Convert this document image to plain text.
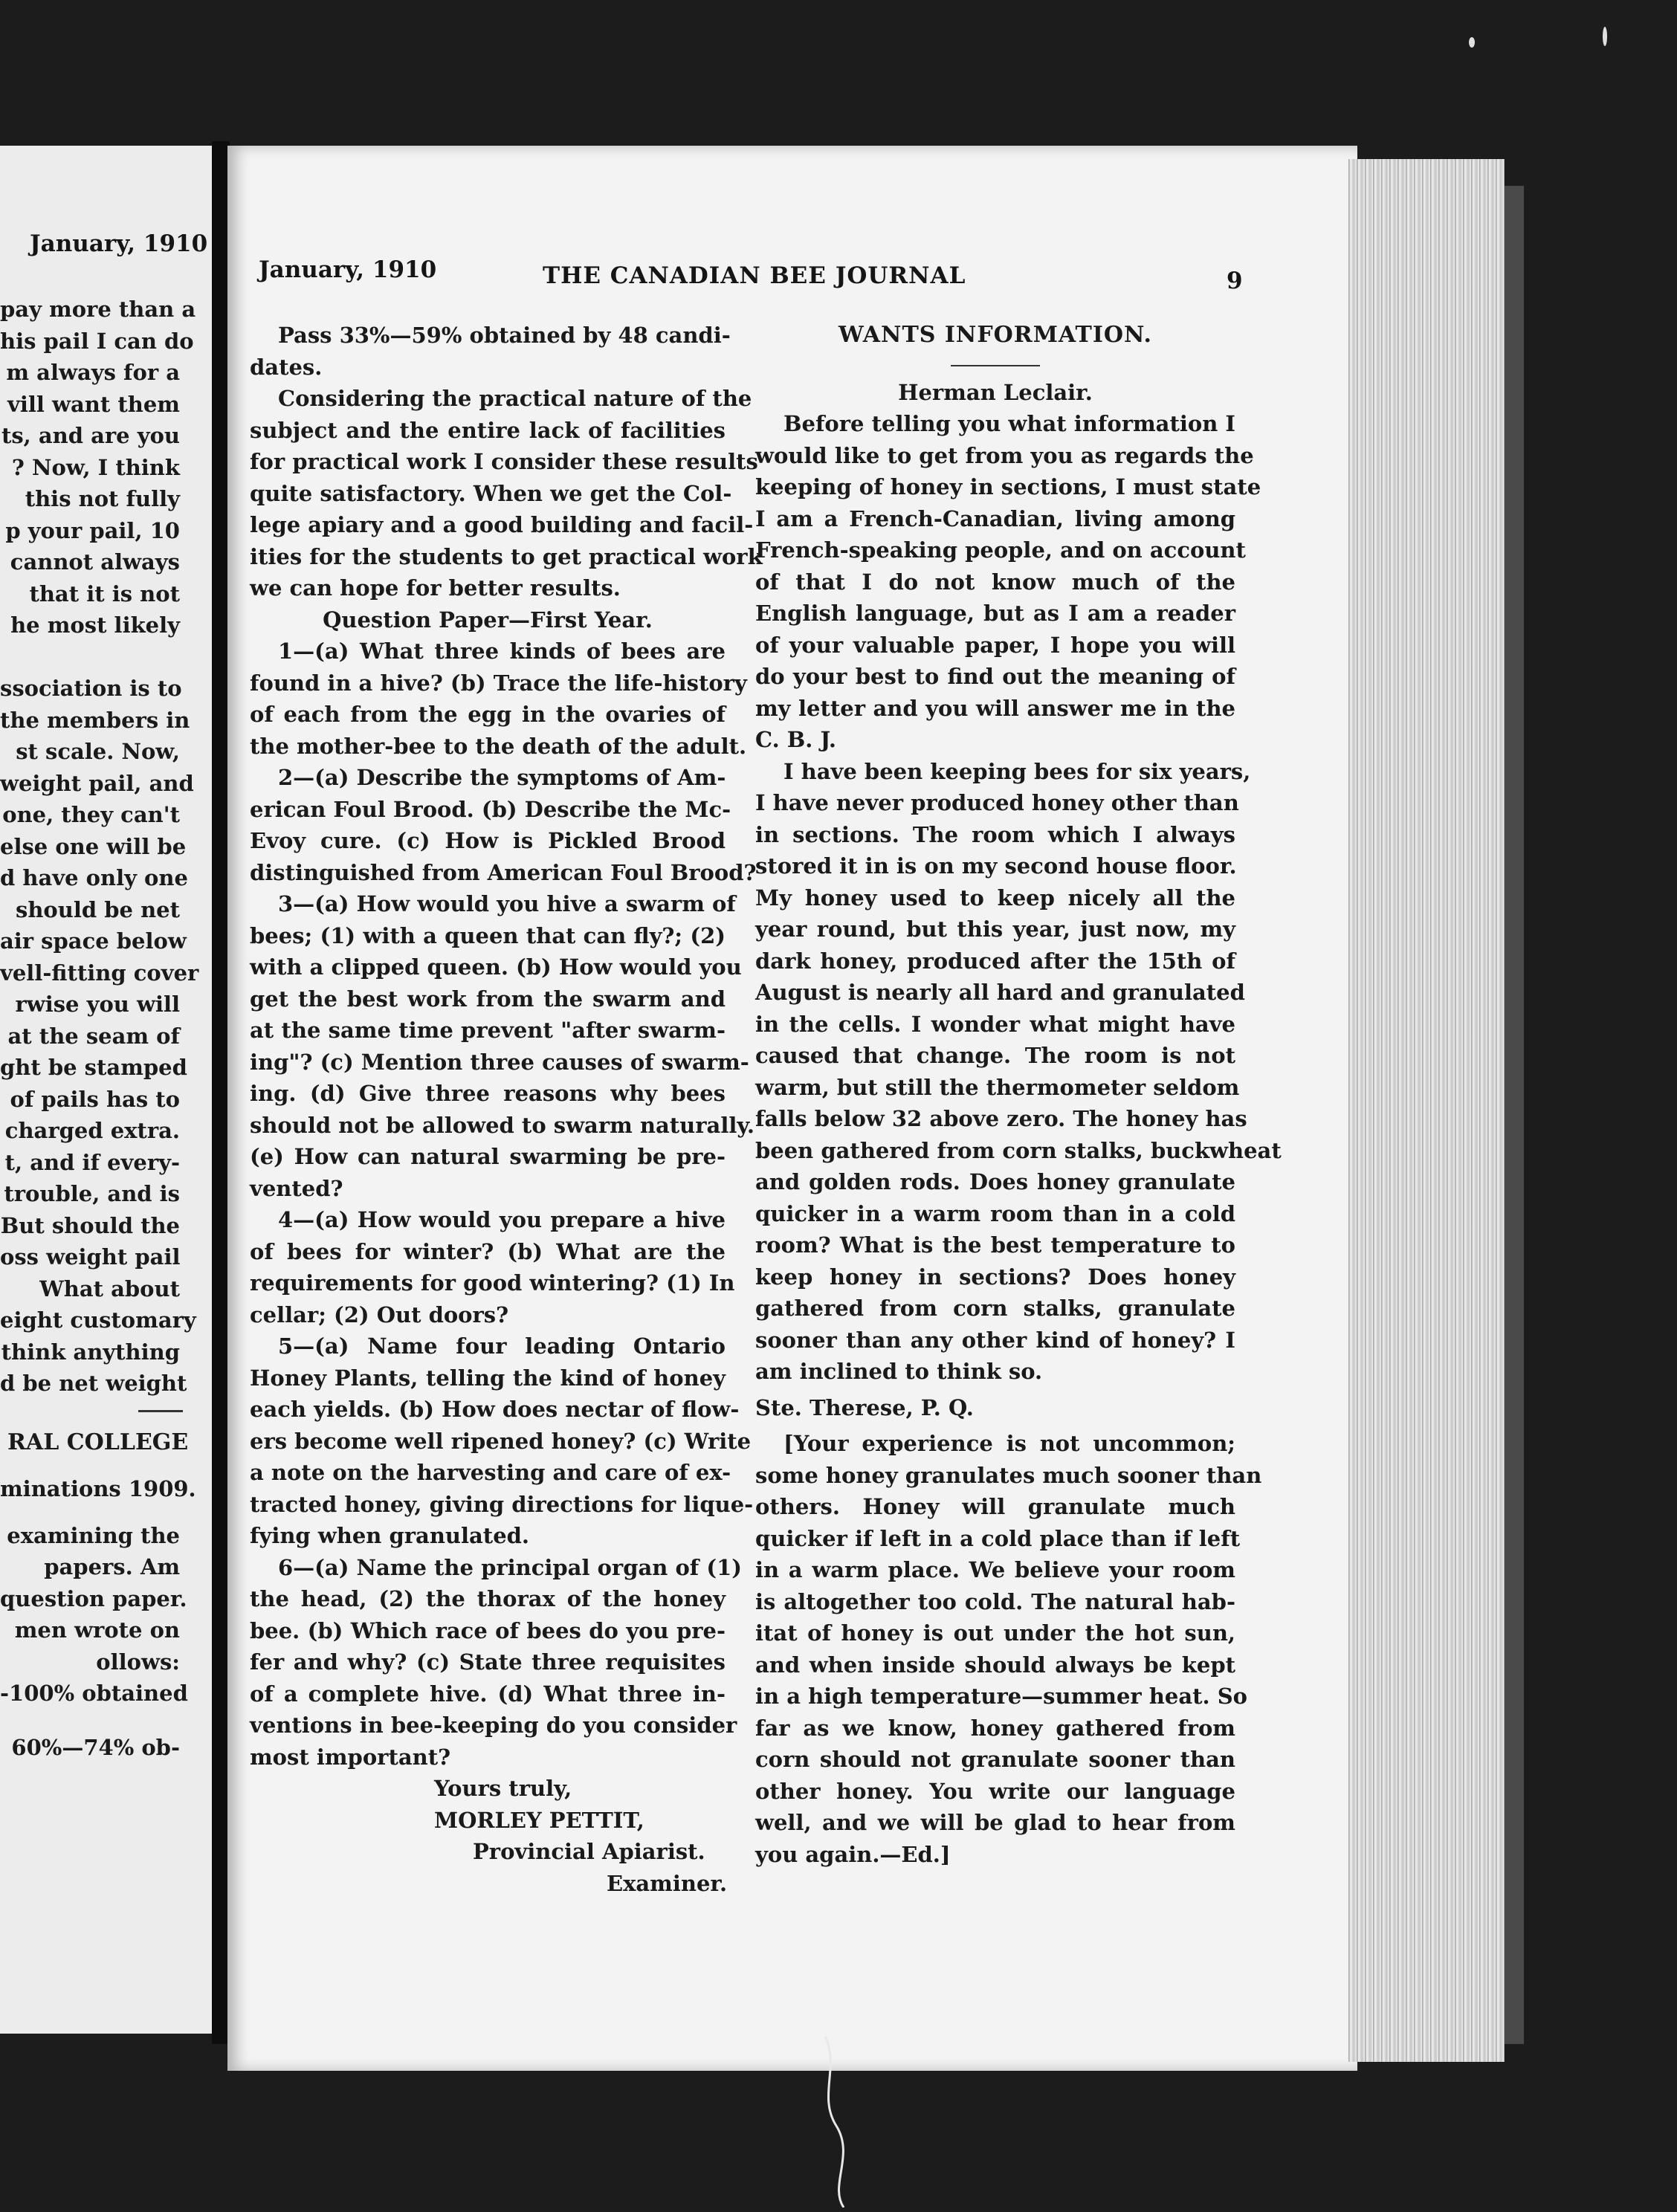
January, 1910
pay more than a
his pail I can do
m always for a
vill want them
ts, and are you
? Now, I think
this not fully
p your pail, 10
cannot always
that it is not
he most likely
ssociation is to
the members in
st scale. Now,
weight pail, and
one, they can't
else one will be
d have only one
should be net
air space below
vell-fitting cover
rwise you will
at the seam of
ght be stamped
of pails has to
charged extra.
t, and if every-
trouble, and is
But should the
oss weight pail
What about
eight customary
think anything
d be net weight
RAL COLLEGE
minations 1909.
examining the
papers. Am
question paper.
men wrote on
ollows:
-100% obtained
60%—74% ob-
January, 1910	THE CANADIAN BEE JOURNAL	9
Pass 33%—59% obtained by 48 candi-
dates.
Considering the practical nature of the
subject and the entire lack of facilities
for practical work I consider these results
quite satisfactory. When we get the Col-
lege apiary and a good building and facil-
ities for the students to get practical work
we can hope for better results.
Question Paper—First Year.
1—(a) What three kinds of bees are
found in a hive? (b) Trace the life-history
of each from the egg in the ovaries of
the mother-bee to the death of the adult.
2—(a) Describe the symptoms of Am-
erican Foul Brood. (b) Describe the Mc-
Evoy cure. (c) How is Pickled Brood
distinguished from American Foul Brood?
3—(a) How would you hive a swarm of
bees; (1) with a queen that can fly?; (2)
with a clipped queen. (b) How would you
get the best work from the swarm and
at the same time prevent "after swarm-
ing"? (c) Mention three causes of swarm-
ing. (d) Give three reasons why bees
should not be allowed to swarm naturally.
(e) How can natural swarming be pre-
vented?
4—(a) How would you prepare a hive
of bees for winter? (b) What are the
requirements for good wintering? (1) In
cellar; (2) Out doors?
5—(a) Name four leading Ontario
Honey Plants, telling the kind of honey
each yields. (b) How does nectar of flow-
ers become well ripened honey? (c) Write
a note on the harvesting and care of ex-
tracted honey, giving directions for lique-
fying when granulated.
6—(a) Name the principal organ of (1)
the head, (2) the thorax of the honey
bee. (b) Which race of bees do you pre-
fer and why? (c) State three requisites
of a complete hive. (d) What three in-
ventions in bee-keeping do you consider
most important?
Yours truly,
MORLEY PETTIT,
Provincial Apiarist.
Examiner.
WANTS INFORMATION.
Herman Leclair.
Before telling you what information I
would like to get from you as regards the
keeping of honey in sections, I must state
I am a French-Canadian, living among
French-speaking people, and on account
of that I do not know much of the
English language, but as I am a reader
of your valuable paper, I hope you will
do your best to find out the meaning of
my letter and you will answer me in the
C. B. J.
I have been keeping bees for six years,
I have never produced honey other than
in sections. The room which I always
stored it in is on my second house floor.
My honey used to keep nicely all the
year round, but this year, just now, my
dark honey, produced after the 15th of
August is nearly all hard and granulated
in the cells. I wonder what might have
caused that change. The room is not
warm, but still the thermometer seldom
falls below 32 above zero. The honey has
been gathered from corn stalks, buckwheat
and golden rods. Does honey granulate
quicker in a warm room than in a cold
room? What is the best temperature to
keep honey in sections? Does honey
gathered from corn stalks, granulate
sooner than any other kind of honey? I
am inclined to think so.
Ste. Therese, P. Q.
[Your experience is not uncommon;
some honey granulates much sooner than
others. Honey will granulate much
quicker if left in a cold place than if left
in a warm place. We believe your room
is altogether too cold. The natural hab-
itat of honey is out under the hot sun,
and when inside should always be kept
in a high temperature—summer heat. So
far as we know, honey gathered from
corn should not granulate sooner than
other honey. You write our language
well, and we will be glad to hear from
you again.—Ed.]
